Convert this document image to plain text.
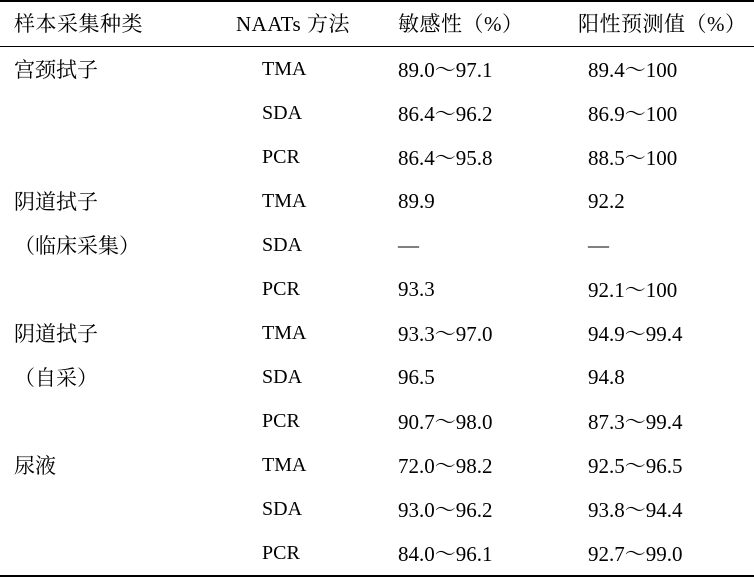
样本采集种类	NAATs 方法	敏感性（%）	阳性预测值（%）
宫颈拭子	TMA	89.0～97.1	89.4～100
	SDA	86.4～96.2	86.9～100
	PCR	86.4～95.8	88.5～100
阴道拭子	TMA	89.9	92.2
（临床采集）	SDA	—	—
	PCR	93.3	92.1～100
阴道拭子	TMA	93.3～97.0	94.9～99.4
（自采）	SDA	96.5	94.8
	PCR	90.7～98.0	87.3～99.4
尿液	TMA	72.0～98.2	92.5～96.5
	SDA	93.0～96.2	93.8～94.4
	PCR	84.0～96.1	92.7～99.0
